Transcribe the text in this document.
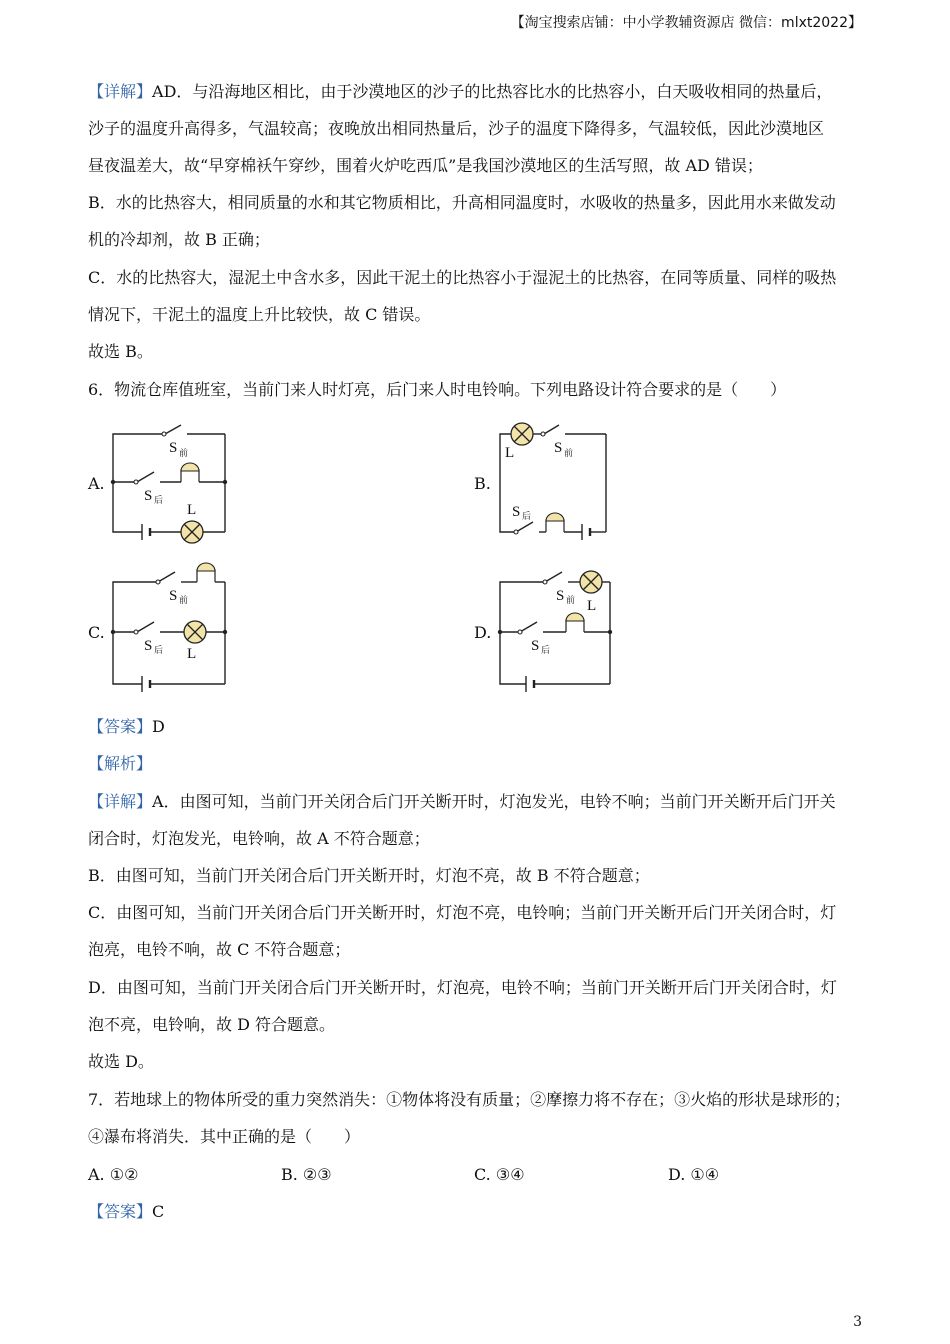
【淘宝搜索店铺：中小学教辅资源店 微信：mlxt2022】
【详解】AD．与沿海地区相比，由于沙漠地区的沙子的比热容比水的比热容小，白天吸收相同的热量后，
沙子的温度升高得多，气温较高；夜晚放出相同热量后，沙子的温度下降得多，气温较低，因此沙漠地区
昼夜温差大，故“早穿棉袄午穿纱，围着火炉吃西瓜”是我国沙漠地区的生活写照，故 AD 错误；
B．水的比热容大，相同质量的水和其它物质相比，升高相同温度时，水吸收的热量多，因此用水来做发动
机的冷却剂，故 B 正确；
C．水的比热容大，湿泥土中含水多，因此干泥土的比热容小于湿泥土的比热容，在同等质量、同样的吸热
情况下，干泥土的温度上升比较快，故 C 错误。
故选 B。
6．物流仓库值班室，当前门来人时灯亮，后门来人时电铃响。下列电路设计符合要求的是（　　）
A.	B.
C.	D.
S 前
S 后
L
L	S 前
S 后
S 前
S 后 L
S 前 L
S 后
【答案】D
【解析】
【详解】A．由图可知，当前门开关闭合后门开关断开时，灯泡发光，电铃不响；当前门开关断开后门开关
闭合时，灯泡发光，电铃响，故 A 不符合题意；
B．由图可知，当前门开关闭合后门开关断开时，灯泡不亮，故 B 不符合题意；
C．由图可知，当前门开关闭合后门开关断开时，灯泡不亮，电铃响；当前门开关断开后门开关闭合时，灯
泡亮，电铃不响，故 C 不符合题意；
D．由图可知，当前门开关闭合后门开关断开时，灯泡亮，电铃不响；当前门开关断开后门开关闭合时，灯
泡不亮，电铃响，故 D 符合题意。
故选 D。
7．若地球上的物体所受的重力突然消失：①物体将没有质量；②摩擦力将不存在；③火焰的形状是球形的；
④瀑布将消失．其中正确的是（　　）
A. ①②	B. ②③	C. ③④	D. ①④
【答案】C
3
